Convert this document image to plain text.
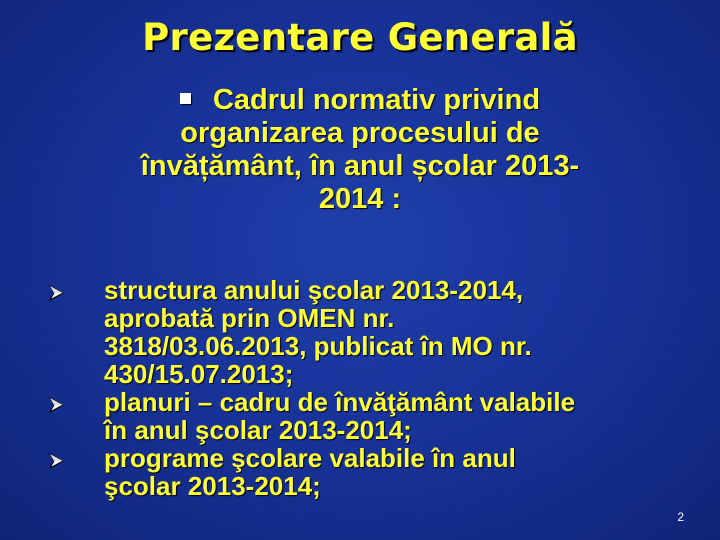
Prezentare Generală
Cadrul normativ privind
organizarea procesului de
învățământ, în anul școlar 2013-
2014 :
structura anului şcolar 2013-2014,
aprobată prin OMEN nr.
3818/03.06.2013, publicat în MO nr.
430/15.07.2013;
planuri – cadru de învăţământ valabile
în anul şcolar 2013-2014;
programe şcolare valabile în anul
şcolar 2013-2014;
2
